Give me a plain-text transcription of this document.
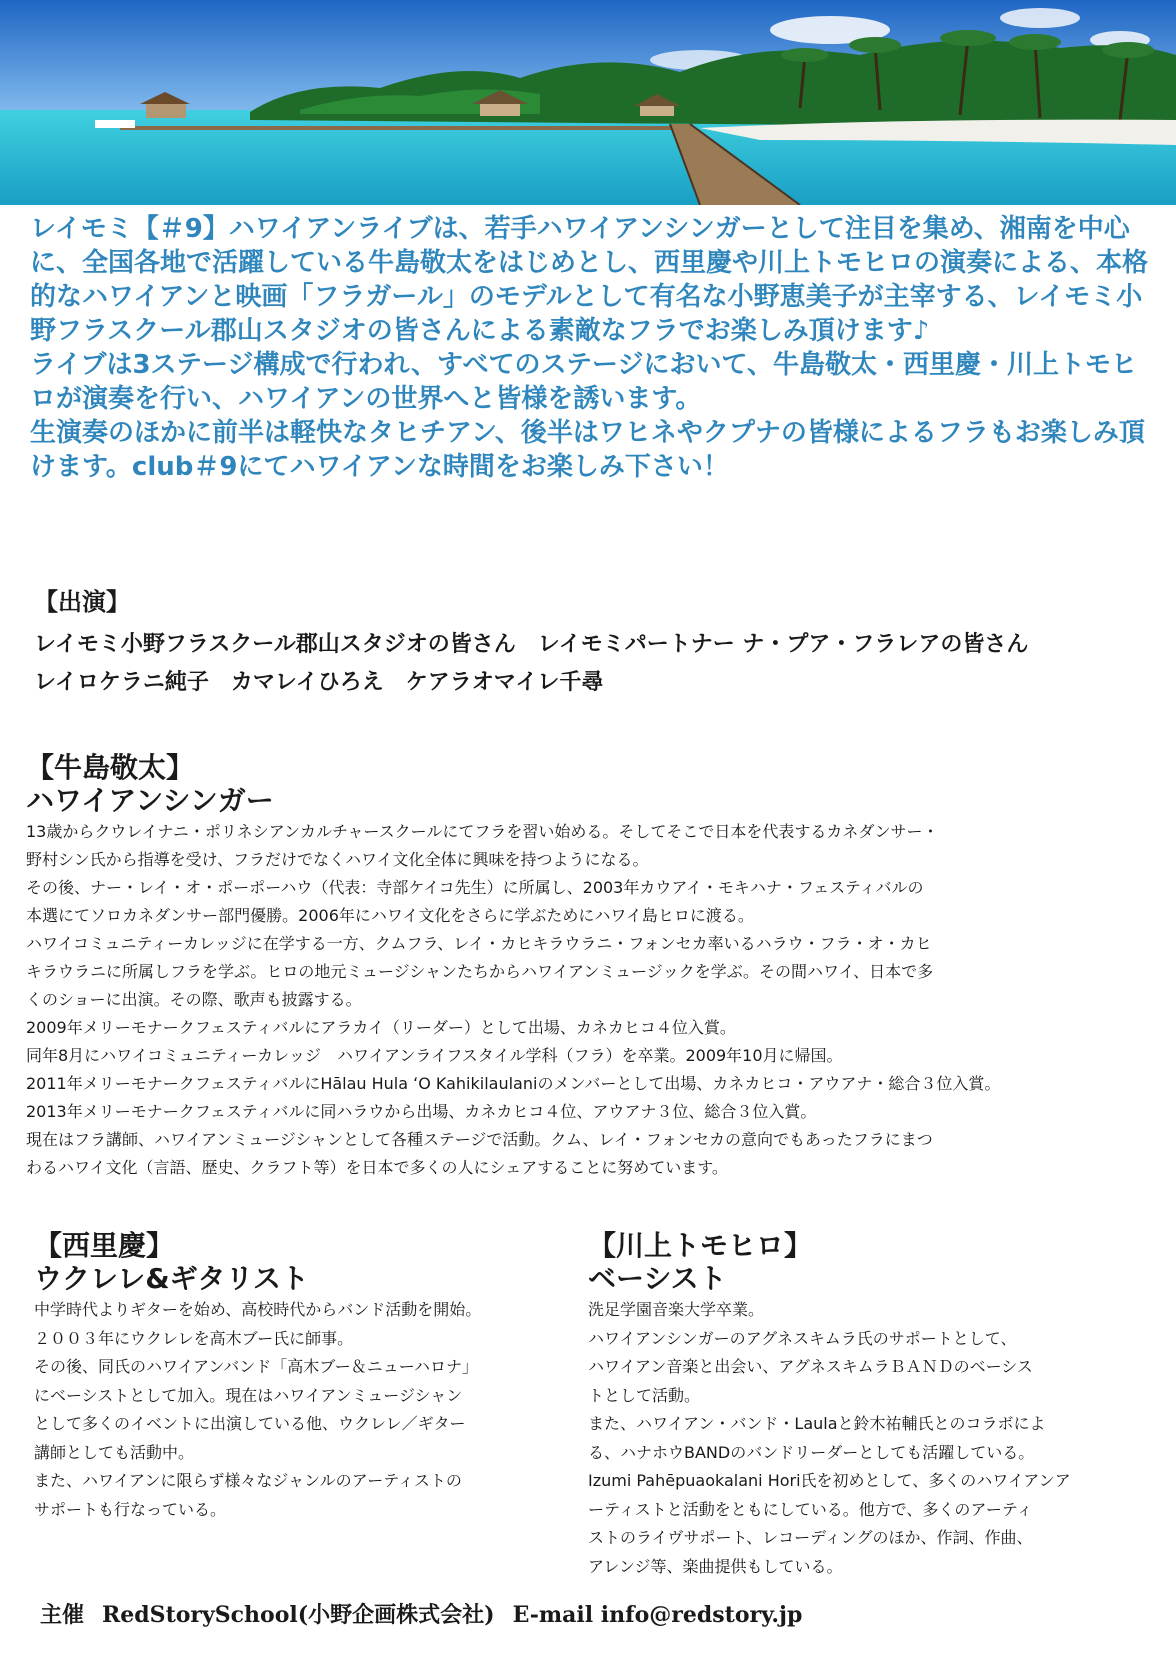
レイモミ【＃9】ハワイアンライブは、若手ハワイアンシンガーとして注目を集め、湘南を中心に、全国各地で活躍している牛島敬太をはじめとし、西里慶や川上トモヒロの演奏による、本格的なハワイアンと映画「フラガール」のモデルとして有名な小野恵美子が主宰する、レイモミ小野フラスクール郡山スタジオの皆さんによる素敵なフラでお楽しみ頂けます♪

ライブは3ステージ構成で行われ、すべてのステージにおいて、牛島敬太・西里慶・川上トモヒロが演奏を行い、ハワイアンの世界へと皆様を誘います。

生演奏のほかに前半は軽快なタヒチアン、後半はワヒネやクプナの皆様によるフラもお楽しみ頂けます。club＃9にてハワイアンな時間をお楽しみ下さい！

【出演】
レイモミ小野フラスクール郡山スタジオの皆さん　レイモミパートナー ナ・プア・フラレアの皆さん
レイロケラニ純子　カマレイひろえ　ケアラオマイレ千尋
【牛島敬太】
ハワイアンシンガー

13歳からクウレイナニ・ポリネシアンカルチャースクールにてフラを習い始める。そしてそこで日本を代表するカネダンサー・

野村シン氏から指導を受け、フラだけでなくハワイ文化全体に興味を持つようになる。

その後、ナー・レイ・オ・ポーポーハウ（代表：寺部ケイコ先生）に所属し、2003年カウアイ・モキハナ・フェスティバルの

本選にてソロカネダンサー部門優勝。2006年にハワイ文化をさらに学ぶためにハワイ島ヒロに渡る。

ハワイコミュニティーカレッジに在学する一方、クムフラ、レイ・カヒキラウラニ・フォンセカ率いるハラウ・フラ・オ・カヒ

キラウラニに所属しフラを学ぶ。ヒロの地元ミュージシャンたちからハワイアンミュージックを学ぶ。その間ハワイ、日本で多

くのショーに出演。その際、歌声も披露する。

2009年メリーモナークフェスティバルにアラカイ（リーダー）として出場、カネカヒコ４位入賞。

同年8月にハワイコミュニティーカレッジ　ハワイアンライフスタイル学科（フラ）を卒業。2009年10月に帰国。

2011年メリーモナークフェスティバルにHālau Hula ʻO Kahikilaulaniのメンバーとして出場、カネカヒコ・アウアナ・総合３位入賞。

2013年メリーモナークフェスティバルに同ハラウから出場、カネカヒコ４位、アウアナ３位、総合３位入賞。

現在はフラ講師、ハワイアンミュージシャンとして各種ステージで活動。クム、レイ・フォンセカの意向でもあったフラにまつ

わるハワイ文化（言語、歴史、クラフト等）を日本で多くの人にシェアすることに努めています。

【西里慶】
ウクレレ&ギタリスト

中学時代よりギターを始め、高校時代からバンド活動を開始。

２００３年にウクレレを高木ブー氏に師事。

その後、同氏のハワイアンバンド「高木ブー＆ニューハロナ」

にベーシストとして加入。現在はハワイアンミュージシャン

として多くのイベントに出演している他、ウクレレ／ギター

講師としても活動中。

また、ハワイアンに限らず様々なジャンルのアーティストの

サポートも行なっている。

【川上トモヒロ】
ベーシスト

洗足学園音楽大学卒業。

ハワイアンシンガーのアグネスキムラ氏のサポートとして、

ハワイアン音楽と出会い、アグネスキムラＢＡＮＤのベーシス

トとして活動。

また、ハワイアン・バンド・Laulaと鈴木祐輔氏とのコラボによ

る、ハナホウBANDのバンドリーダーとしても活躍している。

Izumi Pahēpuaokalani Hori氏を初めとして、多くのハワイアンア

ーティストと活動をともにしている。他方で、多くのアーティ

ストのライヴサポート、レコーディングのほか、作詞、作曲、

アレンジ等、楽曲提供もしている。

主催 RedStorySchool(小野企画株式会社) E-mail info@redstory.jp
